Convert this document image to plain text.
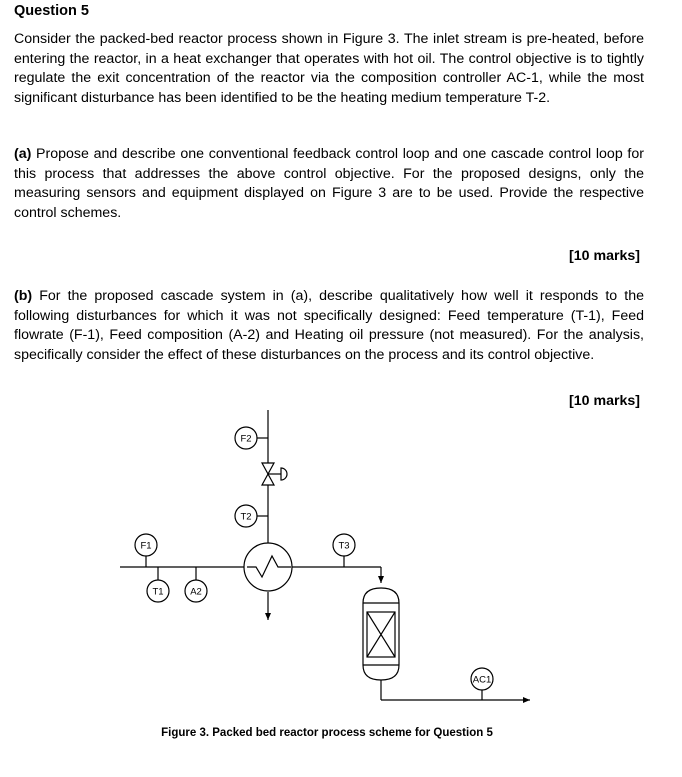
Question 5
Consider the packed-bed reactor process shown in Figure 3. The inlet stream is pre-heated, before entering the reactor, in a heat exchanger that operates with hot oil. The control objective is to tightly regulate the exit concentration of the reactor via the composition controller AC-1, while the most significant disturbance has been identified to be the heating medium temperature T-2.
(a) Propose and describe one conventional feedback control loop and one cascade control loop for this process that addresses the above control objective. For the proposed designs, only the measuring sensors and equipment displayed on Figure 3 are to be used. Provide the respective control schemes.
[10 marks]
(b) For the proposed cascade system in (a), describe qualitatively how well it responds to the following disturbances for which it was not specifically designed: Feed temperature (T-1), Feed flowrate (F-1), Feed composition (A-2) and Heating oil pressure (not measured). For the analysis, specifically consider the effect of these disturbances on the process and its control objective.
[10 marks]
F2
T2
F1	T3
T1	A2
AC1
Figure 3. Packed bed reactor process scheme for Question 5
